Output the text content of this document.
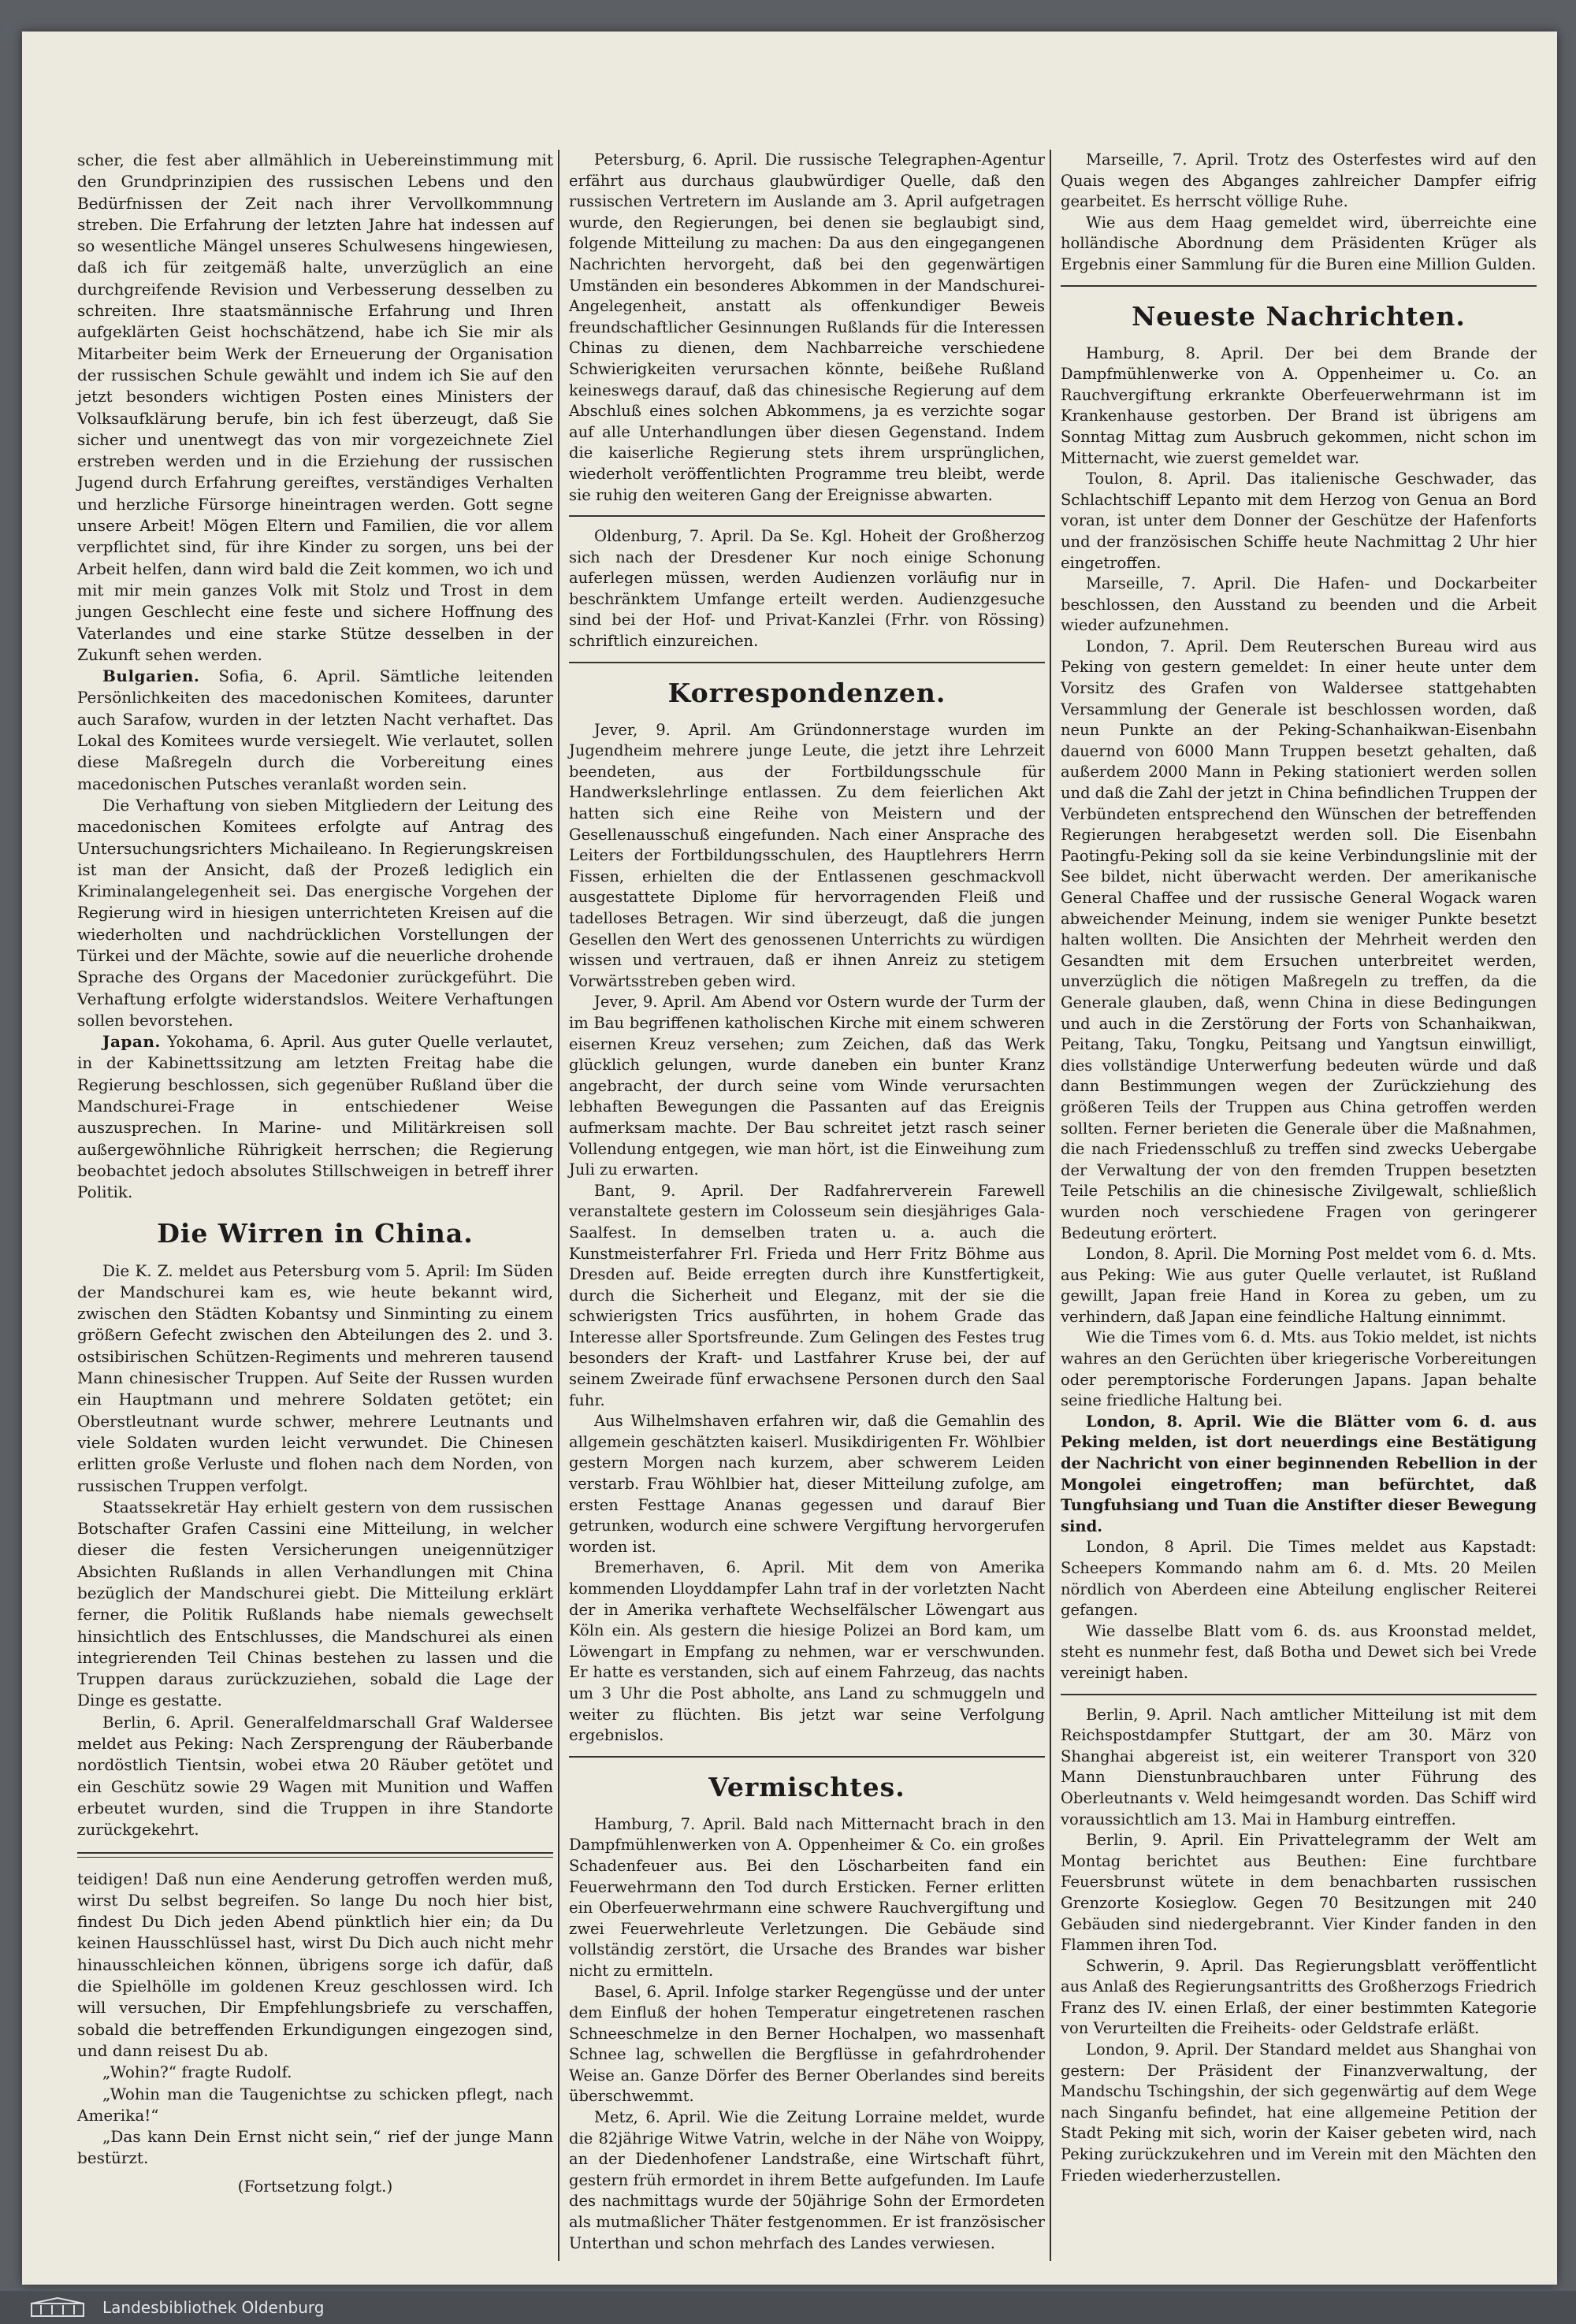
scher, die fest aber allmählich in Uebereinstimmung mit den Grundprinzipien des russischen Lebens und den Bedürfnissen der Zeit nach ihrer Vervollkommnung streben. Die Erfahrung der letzten Jahre hat indessen auf so wesentliche Mängel unseres Schulwesens hingewiesen, daß ich für zeitgemäß halte, unverzüglich an eine durchgreifende Revision und Verbesserung desselben zu schreiten. Ihre staatsmännische Erfahrung und Ihren aufgeklärten Geist hochschätzend, habe ich Sie mir als Mitarbeiter beim Werk der Erneuerung der Organisation der russischen Schule gewählt und indem ich Sie auf den jetzt besonders wichtigen Posten eines Ministers der Volksaufklärung berufe, bin ich fest überzeugt, daß Sie sicher und unentwegt das von mir vorgezeichnete Ziel erstreben werden und in die Erziehung der russischen Jugend durch Erfahrung gereiftes, verständiges Verhalten und herzliche Fürsorge hineintragen werden. Gott segne unsere Arbeit! Mögen Eltern und Familien, die vor allem verpflichtet sind, für ihre Kinder zu sorgen, uns bei der Arbeit helfen, dann wird bald die Zeit kommen, wo ich und mit mir mein ganzes Volk mit Stolz und Trost in dem jungen Geschlecht eine feste und sichere Hoffnung des Vaterlandes und eine starke Stütze desselben in der Zukunft sehen werden.

Bulgarien. Sofia, 6. April. Sämtliche leitenden Persönlichkeiten des macedonischen Komitees, darunter auch Sarafow, wurden in der letzten Nacht verhaftet. Das Lokal des Komitees wurde versiegelt. Wie verlautet, sollen diese Maßregeln durch die Vorbereitung eines macedonischen Putsches veranlaßt worden sein.

Die Verhaftung von sieben Mitgliedern der Leitung des macedonischen Komitees erfolgte auf Antrag des Untersuchungsrichters Michaileano. In Regierungskreisen ist man der Ansicht, daß der Prozeß lediglich ein Kriminalangelegenheit sei. Das energische Vorgehen der Regierung wird in hiesigen unterrichteten Kreisen auf die wiederholten und nachdrücklichen Vorstellungen der Türkei und der Mächte, sowie auf die neuerliche drohende Sprache des Organs der Macedonier zurückgeführt. Die Verhaftung erfolgte widerstandslos. Weitere Verhaftungen sollen bevorstehen.

Japan. Yokohama, 6. April. Aus guter Quelle verlautet, in der Kabinettssitzung am letzten Freitag habe die Regierung beschlossen, sich gegenüber Rußland über die Mandschurei-Frage in entschiedener Weise auszusprechen. In Marine- und Militärkreisen soll außergewöhnliche Rührigkeit herrschen; die Regierung beobachtet jedoch absolutes Stillschweigen in betreff ihrer Politik.

Die Wirren in China.

Die K. Z. meldet aus Petersburg vom 5. April: Im Süden der Mandschurei kam es, wie heute bekannt wird, zwischen den Städten Kobantsy und Sinminting zu einem größern Gefecht zwischen den Abteilungen des 2. und 3. ostsibirischen Schützen-Regiments und mehreren tausend Mann chinesischer Truppen. Auf Seite der Russen wurden ein Hauptmann und mehrere Soldaten getötet; ein Oberstleutnant wurde schwer, mehrere Leutnants und viele Soldaten wurden leicht verwundet. Die Chinesen erlitten große Verluste und flohen nach dem Norden, von russischen Truppen verfolgt.

Staatssekretär Hay erhielt gestern von dem russischen Botschafter Grafen Cassini eine Mitteilung, in welcher dieser die festen Versicherungen uneigennütziger Absichten Rußlands in allen Verhandlungen mit China bezüglich der Mandschurei giebt. Die Mitteilung erklärt ferner, die Politik Rußlands habe niemals gewechselt hinsichtlich des Entschlusses, die Mandschurei als einen integrierenden Teil Chinas bestehen zu lassen und die Truppen daraus zurückzuziehen, sobald die Lage der Dinge es gestatte.

Berlin, 6. April. Generalfeldmarschall Graf Waldersee meldet aus Peking: Nach Zersprengung der Räuberbande nordöstlich Tientsin, wobei etwa 20 Räuber getötet und ein Geschütz sowie 29 Wagen mit Munition und Waffen erbeutet wurden, sind die Truppen in ihre Standorte zurückgekehrt.

teidigen! Daß nun eine Aenderung getroffen werden muß, wirst Du selbst begreifen. So lange Du noch hier bist, findest Du Dich jeden Abend pünktlich hier ein; da Du keinen Hausschlüssel hast, wirst Du Dich auch nicht mehr hinausschleichen können, übrigens sorge ich dafür, daß die Spielhölle im goldenen Kreuz geschlossen wird. Ich will versuchen, Dir Empfehlungsbriefe zu verschaffen, sobald die betreffenden Erkundigungen eingezogen sind, und dann reisest Du ab.

„Wohin?“ fragte Rudolf.

„Wohin man die Taugenichtse zu schicken pflegt, nach Amerika!“

„Das kann Dein Ernst nicht sein,“ rief der junge Mann bestürzt.

(Fortsetzung folgt.)

Petersburg, 6. April. Die russische Telegraphen-Agentur erfährt aus durchaus glaubwürdiger Quelle, daß den russischen Vertretern im Auslande am 3. April aufgetragen wurde, den Regierungen, bei denen sie beglaubigt sind, folgende Mitteilung zu machen: Da aus den eingegangenen Nachrichten hervorgeht, daß bei den gegenwärtigen Umständen ein besonderes Abkommen in der Mandschurei-Angelegenheit, anstatt als offenkundiger Beweis freundschaftlicher Gesinnungen Rußlands für die Interessen Chinas zu dienen, dem Nachbarreiche verschiedene Schwierigkeiten verursachen könnte, beißehe Rußland keineswegs darauf, daß das chinesische Regierung auf dem Abschluß eines solchen Abkommens, ja es verzichte sogar auf alle Unterhandlungen über diesen Gegenstand. Indem die kaiserliche Regierung stets ihrem ursprünglichen, wiederholt veröffentlichten Programme treu bleibt, werde sie ruhig den weiteren Gang der Ereignisse abwarten.

Oldenburg, 7. April. Da Se. Kgl. Hoheit der Großherzog sich nach der Dresdener Kur noch einige Schonung auferlegen müssen, werden Audienzen vorläufig nur in beschränktem Umfange erteilt werden. Audienzgesuche sind bei der Hof- und Privat-Kanzlei (Frhr. von Rössing) schriftlich einzureichen.

Korrespondenzen.

Jever, 9. April. Am Gründonnerstage wurden im Jugendheim mehrere junge Leute, die jetzt ihre Lehrzeit beendeten, aus der Fortbildungsschule für Handwerkslehrlinge entlassen. Zu dem feierlichen Akt hatten sich eine Reihe von Meistern und der Gesellenausschuß eingefunden. Nach einer Ansprache des Leiters der Fortbildungsschulen, des Hauptlehrers Herrn Fissen, erhielten die der Entlassenen geschmackvoll ausgestattete Diplome für hervorragenden Fleiß und tadelloses Betragen. Wir sind überzeugt, daß die jungen Gesellen den Wert des genossenen Unterrichts zu würdigen wissen und vertrauen, daß er ihnen Anreiz zu stetigem Vorwärtsstreben geben wird.

Jever, 9. April. Am Abend vor Ostern wurde der Turm der im Bau begriffenen katholischen Kirche mit einem schweren eisernen Kreuz versehen; zum Zeichen, daß das Werk glücklich gelungen, wurde daneben ein bunter Kranz angebracht, der durch seine vom Winde verursachten lebhaften Bewegungen die Passanten auf das Ereignis aufmerksam machte. Der Bau schreitet jetzt rasch seiner Vollendung entgegen, wie man hört, ist die Einweihung zum Juli zu erwarten.

Bant, 9. April. Der Radfahrerverein Farewell veranstaltete gestern im Colosseum sein diesjähriges Gala-Saalfest. In demselben traten u. a. auch die Kunstmeisterfahrer Frl. Frieda und Herr Fritz Böhme aus Dresden auf. Beide erregten durch ihre Kunstfertigkeit, durch die Sicherheit und Eleganz, mit der sie die schwierigsten Trics ausführten, in hohem Grade das Interesse aller Sportsfreunde. Zum Gelingen des Festes trug besonders der Kraft- und Lastfahrer Kruse bei, der auf seinem Zweirade fünf erwachsene Personen durch den Saal fuhr.

Aus Wilhelmshaven erfahren wir, daß die Gemahlin des allgemein geschätzten kaiserl. Musikdirigenten Fr. Wöhlbier gestern Morgen nach kurzem, aber schwerem Leiden verstarb. Frau Wöhlbier hat, dieser Mitteilung zufolge, am ersten Festtage Ananas gegessen und darauf Bier getrunken, wodurch eine schwere Vergiftung hervorgerufen worden ist.

Bremerhaven, 6. April. Mit dem von Amerika kommenden Lloyddampfer Lahn traf in der vorletzten Nacht der in Amerika verhaftete Wechselfälscher Löwengart aus Köln ein. Als gestern die hiesige Polizei an Bord kam, um Löwengart in Empfang zu nehmen, war er verschwunden. Er hatte es verstanden, sich auf einem Fahrzeug, das nachts um 3 Uhr die Post abholte, ans Land zu schmuggeln und weiter zu flüchten. Bis jetzt war seine Verfolgung ergebnislos.

Vermischtes.

Hamburg, 7. April. Bald nach Mitternacht brach in den Dampfmühlenwerken von A. Oppenheimer & Co. ein großes Schadenfeuer aus. Bei den Löscharbeiten fand ein Feuerwehrmann den Tod durch Ersticken. Ferner erlitten ein Oberfeuerwehrmann eine schwere Rauchvergiftung und zwei Feuerwehrleute Verletzungen. Die Gebäude sind vollständig zerstört, die Ursache des Brandes war bisher nicht zu ermitteln.

Basel, 6. April. Infolge starker Regengüsse und der unter dem Einfluß der hohen Temperatur eingetretenen raschen Schneeschmelze in den Berner Hochalpen, wo massenhaft Schnee lag, schwellen die Bergflüsse in gefahrdrohender Weise an. Ganze Dörfer des Berner Oberlandes sind bereits überschwemmt.

Metz, 6. April. Wie die Zeitung Lorraine meldet, wurde die 82jährige Witwe Vatrin, welche in der Nähe von Woippy, an der Diedenhofener Landstraße, eine Wirtschaft führt, gestern früh ermordet in ihrem Bette aufgefunden. Im Laufe des nachmittags wurde der 50jährige Sohn der Ermordeten als mutmaßlicher Thäter festgenommen. Er ist französischer Unterthan und schon mehrfach des Landes verwiesen.

Marseille, 7. April. Trotz des Osterfestes wird auf den Quais wegen des Abganges zahlreicher Dampfer eifrig gearbeitet. Es herrscht völlige Ruhe.

Wie aus dem Haag gemeldet wird, überreichte eine holländische Abordnung dem Präsidenten Krüger als Ergebnis einer Sammlung für die Buren eine Million Gulden.

Neueste Nachrichten.

Hamburg, 8. April. Der bei dem Brande der Dampfmühlenwerke von A. Oppenheimer u. Co. an Rauchvergiftung erkrankte Oberfeuerwehrmann ist im Krankenhause gestorben. Der Brand ist übrigens am Sonntag Mittag zum Ausbruch gekommen, nicht schon im Mitternacht, wie zuerst gemeldet war.

Toulon, 8. April. Das italienische Geschwader, das Schlachtschiff Lepanto mit dem Herzog von Genua an Bord voran, ist unter dem Donner der Geschütze der Hafenforts und der französischen Schiffe heute Nachmittag 2 Uhr hier eingetroffen.

Marseille, 7. April. Die Hafen- und Dockarbeiter beschlossen, den Ausstand zu beenden und die Arbeit wieder aufzunehmen.

London, 7. April. Dem Reuterschen Bureau wird aus Peking von gestern gemeldet: In einer heute unter dem Vorsitz des Grafen von Waldersee stattgehabten Versammlung der Generale ist beschlossen worden, daß neun Punkte an der Peking-Schanhaikwan-Eisenbahn dauernd von 6000 Mann Truppen besetzt gehalten, daß außerdem 2000 Mann in Peking stationiert werden sollen und daß die Zahl der jetzt in China befindlichen Truppen der Verbündeten entsprechend den Wünschen der betreffenden Regierungen herabgesetzt werden soll. Die Eisenbahn Paotingfu-Peking soll da sie keine Verbindungslinie mit der See bildet, nicht überwacht werden. Der amerikanische General Chaffee und der russische General Wogack waren abweichender Meinung, indem sie weniger Punkte besetzt halten wollten. Die Ansichten der Mehrheit werden den Gesandten mit dem Ersuchen unterbreitet werden, unverzüglich die nötigen Maßregeln zu treffen, da die Generale glauben, daß, wenn China in diese Bedingungen und auch in die Zerstörung der Forts von Schanhaikwan, Peitang, Taku, Tongku, Peitsang und Yangtsun einwilligt, dies vollständige Unterwerfung bedeuten würde und daß dann Bestimmungen wegen der Zurückziehung des größeren Teils der Truppen aus China getroffen werden sollten. Ferner berieten die Generale über die Maßnahmen, die nach Friedensschluß zu treffen sind zwecks Uebergabe der Verwaltung der von den fremden Truppen besetzten Teile Petschilis an die chinesische Zivilgewalt, schließlich wurden noch verschiedene Fragen von geringerer Bedeutung erörtert.

London, 8. April. Die Morning Post meldet vom 6. d. Mts. aus Peking: Wie aus guter Quelle verlautet, ist Rußland gewillt, Japan freie Hand in Korea zu geben, um zu verhindern, daß Japan eine feindliche Haltung einnimmt.

Wie die Times vom 6. d. Mts. aus Tokio meldet, ist nichts wahres an den Gerüchten über kriegerische Vorbereitungen oder peremptorische Forderungen Japans. Japan behalte seine friedliche Haltung bei.

London, 8. April. Wie die Blätter vom 6. d. aus Peking melden, ist dort neuerdings eine Bestätigung der Nachricht von einer beginnenden Rebellion in der Mongolei eingetroffen; man befürchtet, daß Tungfuhsiang und Tuan die Anstifter dieser Bewegung sind.

London, 8 April. Die Times meldet aus Kapstadt: Scheepers Kommando nahm am 6. d. Mts. 20 Meilen nördlich von Aberdeen eine Abteilung englischer Reiterei gefangen.

Wie dasselbe Blatt vom 6. ds. aus Kroonstad meldet, steht es nunmehr fest, daß Botha und Dewet sich bei Vrede vereinigt haben.

Berlin, 9. April. Nach amtlicher Mitteilung ist mit dem Reichspostdampfer Stuttgart, der am 30. März von Shanghai abgereist ist, ein weiterer Transport von 320 Mann Dienstunbrauchbaren unter Führung des Oberleutnants v. Weld heimgesandt worden. Das Schiff wird voraussichtlich am 13. Mai in Hamburg eintreffen.

Berlin, 9. April. Ein Privattelegramm der Welt am Montag berichtet aus Beuthen: Eine furchtbare Feuersbrunst wütete in dem benachbarten russischen Grenzorte Kosieglow. Gegen 70 Besitzungen mit 240 Gebäuden sind niedergebrannt. Vier Kinder fanden in den Flammen ihren Tod.

Schwerin, 9. April. Das Regierungsblatt veröffentlicht aus Anlaß des Regierungsantritts des Großherzogs Friedrich Franz des IV. einen Erlaß, der einer bestimmten Kategorie von Verurteilten die Freiheits- oder Geldstrafe erläßt.

London, 9. April. Der Standard meldet aus Shanghai von gestern: Der Präsident der Finanzverwaltung, der Mandschu Tschingshin, der sich gegenwärtig auf dem Wege nach Singanfu befindet, hat eine allgemeine Petition der Stadt Peking mit sich, worin der Kaiser gebeten wird, nach Peking zurückzukehren und im Verein mit den Mächten den Frieden wiederherzustellen.

Landesbibliothek Oldenburg
